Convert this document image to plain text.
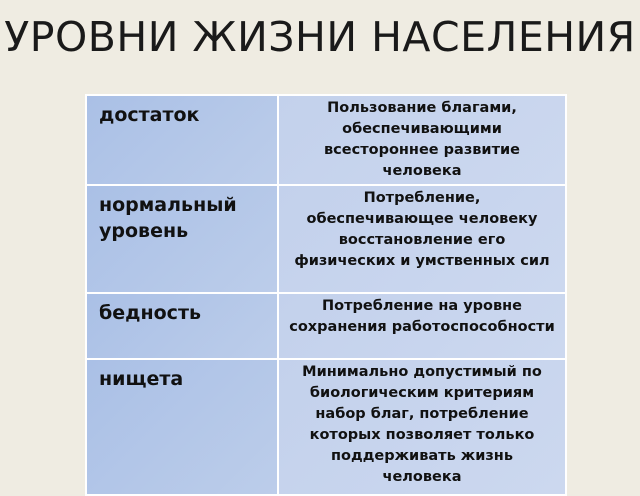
УРОВНИ ЖИЗНИ НАСЕЛЕНИЯ
достаток	Пользование благами, обеспечивающими всестороннее развитие человека
нормальный уровень	Потребление, обеспечивающее человеку восстановление его физических и умственных сил
бедность	Потребление на уровне сохранения работоспособности
нищета	Минимально допустимый по биологическим критериям набор благ, потребление которых позволяет только поддерживать жизнь человека
